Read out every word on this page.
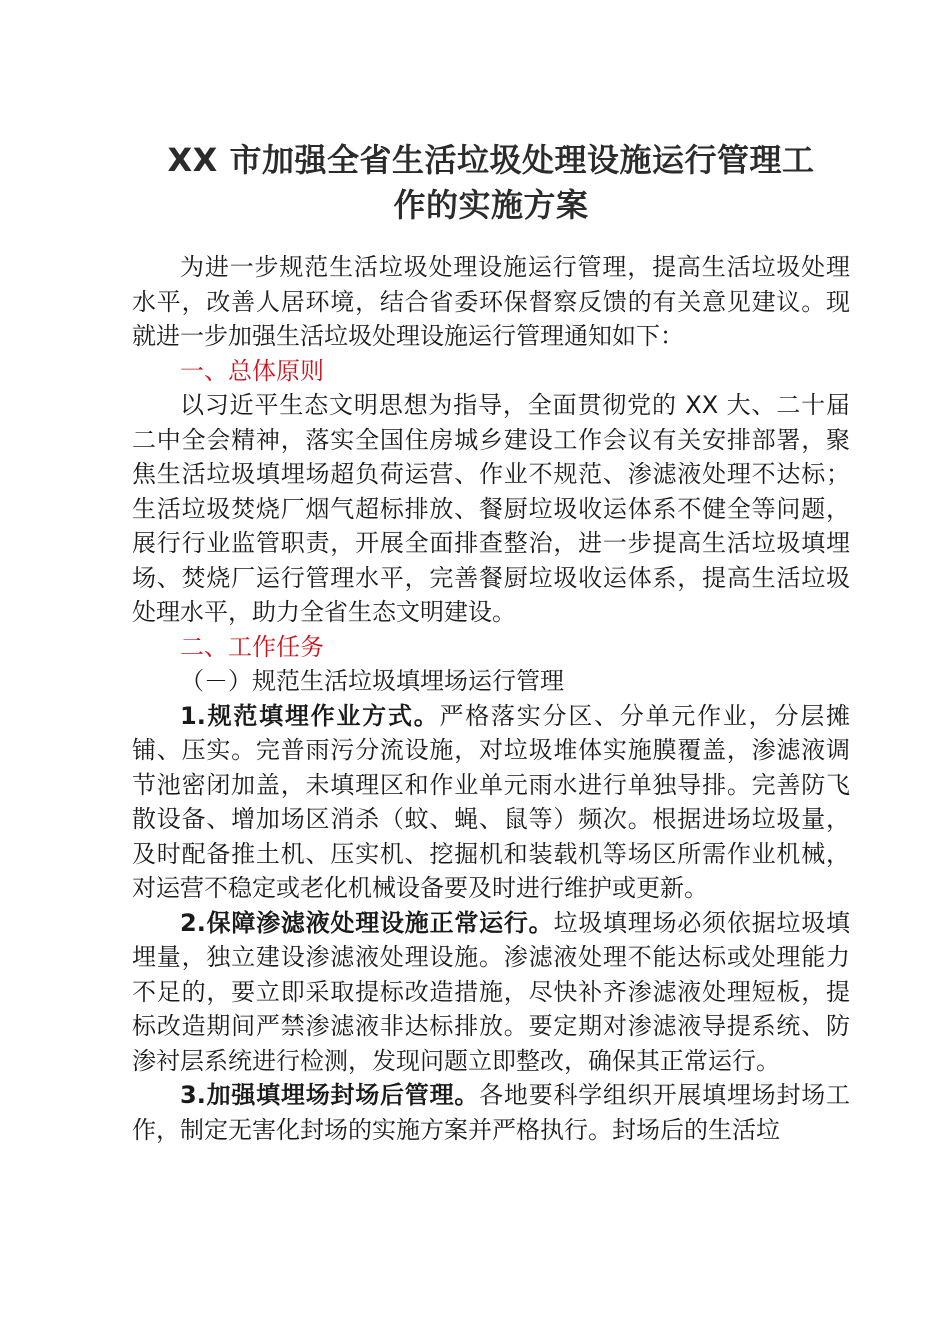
XX 市加强全省生活垃圾处理设施运行管理工
作的实施方案

为进一步规范生活垃圾处理设施运行管理，提高生活垃圾处理水平，改善人居环境，结合省委环保督察反馈的有关意见建议。现就进一步加强生活垃圾处理设施运行管理通知如下：

一、总体原则

以习近平生态文明思想为指导，全面贯彻党的 XX 大、二十届二中全会精神，落实全国住房城乡建设工作会议有关安排部署，聚焦生活垃圾填埋场超负荷运营、作业不规范、渗滤液处理不达标；生活垃圾焚烧厂烟气超标排放、餐厨垃圾收运体系不健全等问题，展行行业监管职责，开展全面排查整治，进一步提高生活垃圾填埋场、焚烧厂运行管理水平，完善餐厨垃圾收运体系，提高生活垃圾处理水平，助力全省生态文明建设。

二、工作任务

（－）规范生活垃圾填埋场运行管理

1.规范填埋作业方式。严格落实分区、分单元作业，分层摊铺、压实。完普雨污分流设施，对垃圾堆体实施膜覆盖，渗滤液调节池密闭加盖，未填理区和作业单元雨水进行单独导排。完善防飞散设备、增加场区消杀（蚊、蝇、鼠等）频次。根据进场垃圾量，及时配备推土机、压实机、挖掘机和装载机等场区所需作业机械，对运营不稳定或老化机械设备要及时进行维护或更新。

2.保障渗滤液处理设施正常运行。垃圾填理场必须依据垃圾填埋量，独立建设渗滤液处理设施。渗滤液处理不能达标或处理能力不足的，要立即采取提标改造措施，尽快补齐渗滤液处理短板，提标改造期间严禁渗滤液非达标排放。要定期对渗滤液导提系统、防渗衬层系统进行检测，发现问题立即整改，确保其正常运行。

3.加强填埋场封场后管理。各地要科学组织开展填埋场封场工作，制定无害化封场的实施方案并严格执行。封场后的生活垃
